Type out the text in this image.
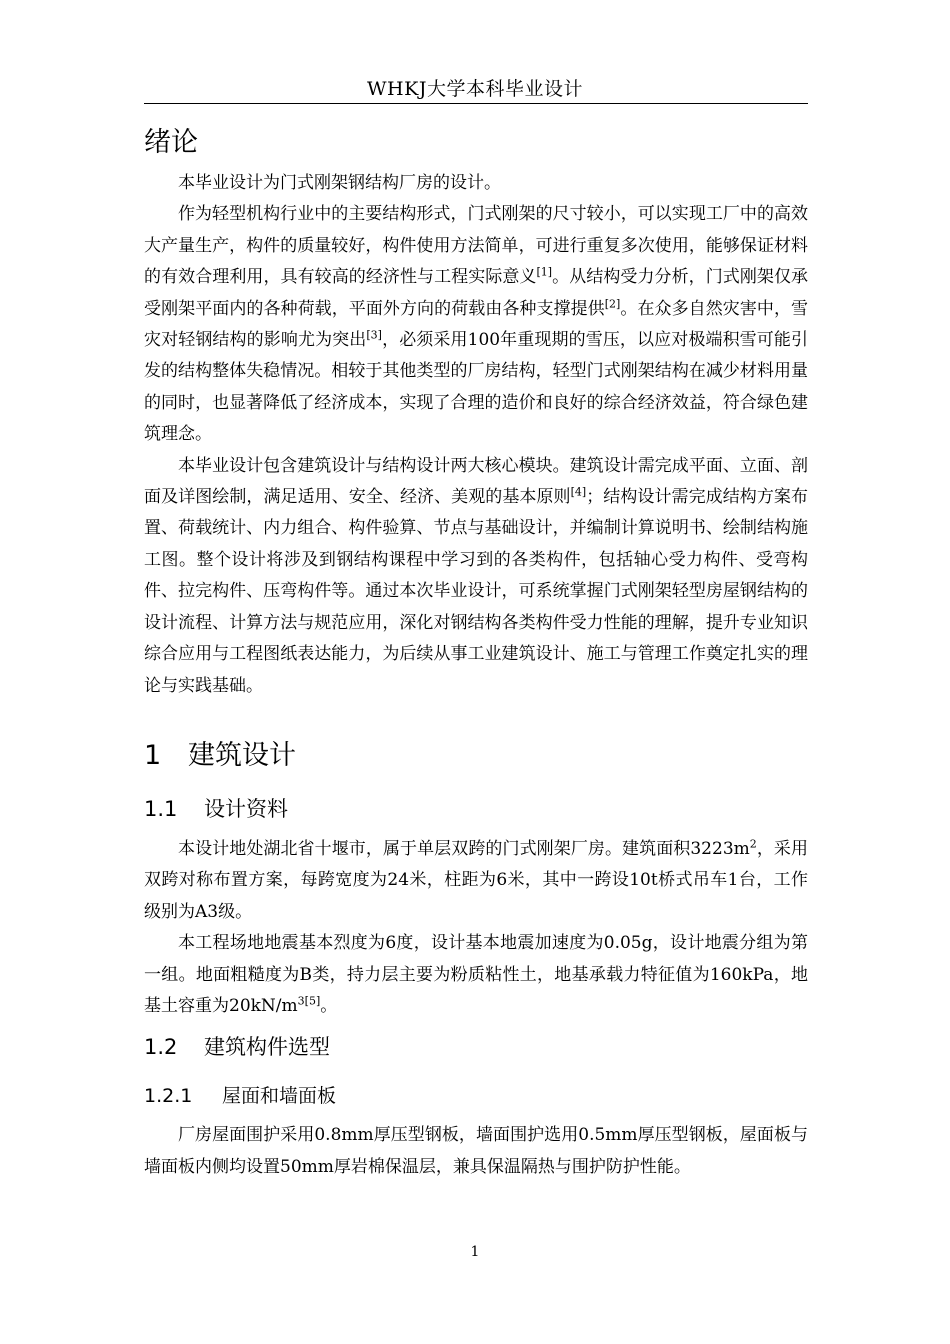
WHKJ大学本科毕业设计
绪论

本毕业设计为门式刚架钢结构厂房的设计。

作为轻型机构行业中的主要结构形式，门式刚架的尺寸较小，可以实现工厂中的高效大产量生产，构件的质量较好，构件使用方法简单，可进行重复多次使用，能够保证材料的有效合理利用，具有较高的经济性与工程实际意义[1]。从结构受力分析，门式刚架仅承受刚架平面内的各种荷载，平面外方向的荷载由各种支撑提供[2]。在众多自然灾害中，雪灾对轻钢结构的影响尤为突出[3]，必须采用100年重现期的雪压，以应对极端积雪可能引发的结构整体失稳情况。相较于其他类型的厂房结构，轻型门式刚架结构在减少材料用量的同时，也显著降低了经济成本，实现了合理的造价和良好的综合经济效益，符合绿色建筑理念。

本毕业设计包含建筑设计与结构设计两大核心模块。建筑设计需完成平面、立面、剖面及详图绘制，满足适用、安全、经济、美观的基本原则[4]；结构设计需完成结构方案布置、荷载统计、内力组合、构件验算、节点与基础设计，并编制计算说明书、绘制结构施工图。整个设计将涉及到钢结构课程中学习到的各类构件，包括轴心受力构件、受弯构件、拉完构件、压弯构件等。通过本次毕业设计，可系统掌握门式刚架轻型房屋钢结构的设计流程、计算方法与规范应用，深化对钢结构各类构件受力性能的理解，提升专业知识综合应用与工程图纸表达能力，为后续从事工业建筑设计、施工与管理工作奠定扎实的理论与实践基础。

1 建筑设计
1.1 设计资料

本设计地处湖北省十堰市，属于单层双跨的门式刚架厂房。建筑面积$3223m^2$，采用双跨对称布置方案，每跨宽度为24米，柱距为6米，其中一跨设10t桥式吊车1台，工作级别为A3级。

本工程场地地震基本烈度为6度，设计基本地震加速度为0.05g，设计地震分组为第一组。地面粗糙度为B类，持力层主要为粉质粘性土，地基承载力特征值为160kPa，地基土容重为$20kN/m^{3[5]}$。

1.2 建筑构件选型
1.2.1 屋面和墙面板

厂房屋面围护采用0.8mm厚压型钢板，墙面围护选用0.5mm厚压型钢板，屋面板与墙面板内侧均设置50mm厚岩棉保温层，兼具保温隔热与围护防护性能。

1
